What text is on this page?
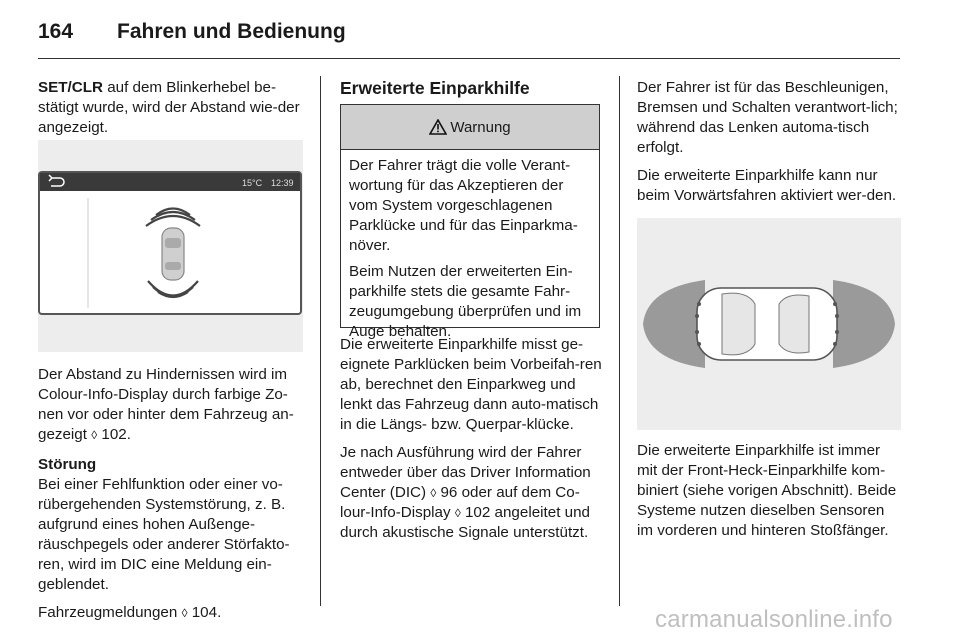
164 Fahren und Bedienung

SET/CLR auf dem Blinkerhebel be-stätigt wurde, wird der Abstand wie-der angezeigt.

15°C 12:39

Der Abstand zu Hindernissen wird im Colour-Info-Display durch farbige Zo-nen vor oder hinter dem Fahrzeug an-gezeigt ◊ 102.

Störung

Bei einer Fehlfunktion oder einer vo-rübergehenden Systemstörung, z. B. aufgrund eines hohen Außenge-räuschpegels oder anderer Störfakto-ren, wird im DIC eine Meldung ein-geblendet.

Fahrzeugmeldungen ◊ 104.

Erweiterte Einparkhilfe
Warnung

Der Fahrer trägt die volle Verant-wortung für das Akzeptieren der vom System vorgeschlagenen Parklücke und für das Einparkma-növer.

Beim Nutzen der erweiterten Ein-parkhilfe stets die gesamte Fahr-zeugumgebung überprüfen und im Auge behalten.

Die erweiterte Einparkhilfe misst ge-eignete Parklücken beim Vorbeifah-ren ab, berechnet den Einparkweg und lenkt das Fahrzeug dann auto-matisch in die Längs- bzw. Querpar-klücke.

Je nach Ausführung wird der Fahrer entweder über das Driver Information Center (DIC) ◊ 96 oder auf dem Co-lour-Info-Display ◊ 102 angeleitet und durch akustische Signale unterstützt.

Der Fahrer ist für das Beschleunigen, Bremsen und Schalten verantwort-lich; während das Lenken automa-tisch erfolgt.

Die erweiterte Einparkhilfe kann nur beim Vorwärtsfahren aktiviert wer-den.

Die erweiterte Einparkhilfe ist immer mit der Front-Heck-Einparkhilfe kom-biniert (siehe vorigen Abschnitt). Beide Systeme nutzen dieselben Sensoren im vorderen und hinteren Stoßfänger.

carmanualsonline.info
